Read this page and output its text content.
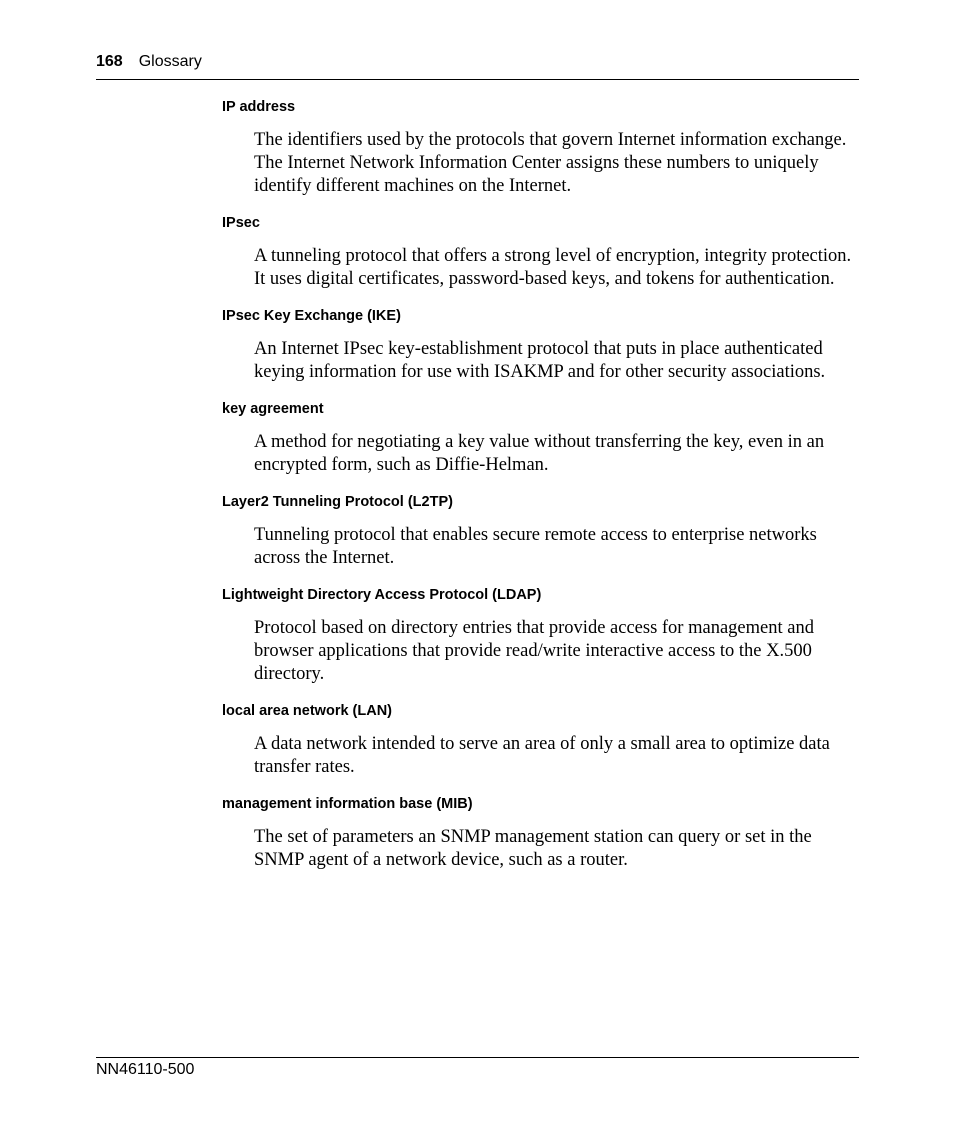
168 Glossary

IP address

The identifiers used by the protocols that govern Internet information exchange. The Internet Network Information Center assigns these numbers to uniquely identify different machines on the Internet.

IPsec

A tunneling protocol that offers a strong level of encryption, integrity protection. It uses digital certificates, password-based keys, and tokens for authentication.

IPsec Key Exchange (IKE)

An Internet IPsec key-establishment protocol that puts in place authenticated keying information for use with ISAKMP and for other security associations.

key agreement

A method for negotiating a key value without transferring the key, even in an encrypted form, such as Diffie-Helman.

Layer2 Tunneling Protocol (L2TP)

Tunneling protocol that enables secure remote access to enterprise networks across the Internet.

Lightweight Directory Access Protocol (LDAP)

Protocol based on directory entries that provide access for management and browser applications that provide read/write interactive access to the X.500 directory.

local area network (LAN)

A data network intended to serve an area of only a small area to optimize data transfer rates.

management information base (MIB)

The set of parameters an SNMP management station can query or set in the SNMP agent of a network device, such as a router.

NN46110-500
